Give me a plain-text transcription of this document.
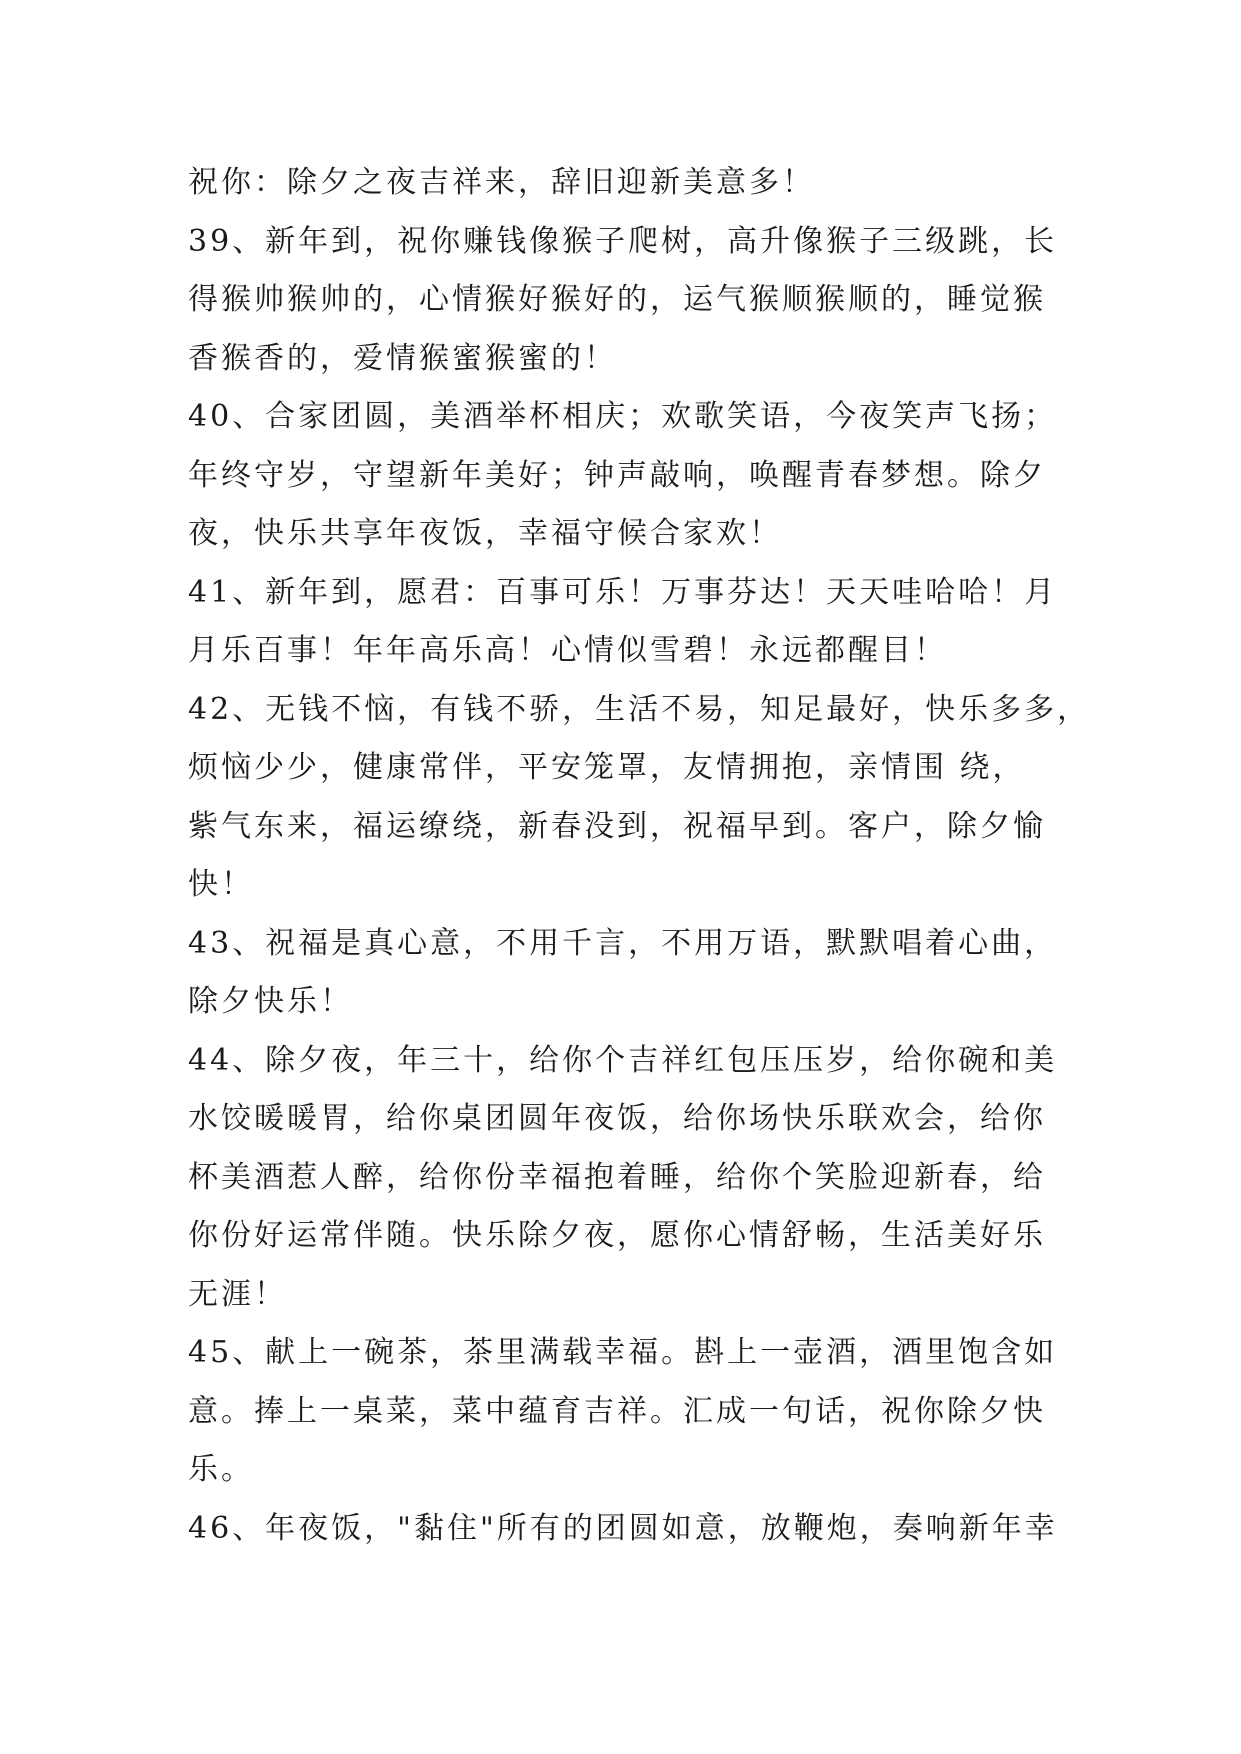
祝你：除夕之夜吉祥来，辞旧迎新美意多！
39、新年到，祝你赚钱像猴子爬树，高升像猴子三级跳，长
得猴帅猴帅的，心情猴好猴好的，运气猴顺猴顺的，睡觉猴
香猴香的，爱情猴蜜猴蜜的！
40、合家团圆，美酒举杯相庆；欢歌笑语，今夜笑声飞扬；
年终守岁，守望新年美好；钟声敲响，唤醒青春梦想。除夕
夜，快乐共享年夜饭，幸福守候合家欢！
41、新年到，愿君：百事可乐！万事芬达！天天哇哈哈！月
月乐百事！年年高乐高！心情似雪碧！永远都醒目！
42、无钱不恼，有钱不骄，生活不易，知足最好，快乐多多，
烦恼少少，健康常伴，平安笼罩，友情拥抱，亲情围 绕，
紫气东来，福运缭绕，新春没到，祝福早到。客户，除夕愉
快！
43、祝福是真心意，不用千言，不用万语，默默唱着心曲，
除夕快乐！
44、除夕夜，年三十，给你个吉祥红包压压岁，给你碗和美
水饺暖暖胃，给你桌团圆年夜饭，给你场快乐联欢会，给你
杯美酒惹人醉，给你份幸福抱着睡，给你个笑脸迎新春，给
你份好运常伴随。快乐除夕夜，愿你心情舒畅，生活美好乐
无涯！
45、献上一碗茶，茶里满载幸福。斟上一壶酒，酒里饱含如
意。捧上一桌菜，菜中蕴育吉祥。汇成一句话，祝你除夕快
乐。
46、年夜饭，"黏住"所有的团圆如意，放鞭炮，奏响新年幸
